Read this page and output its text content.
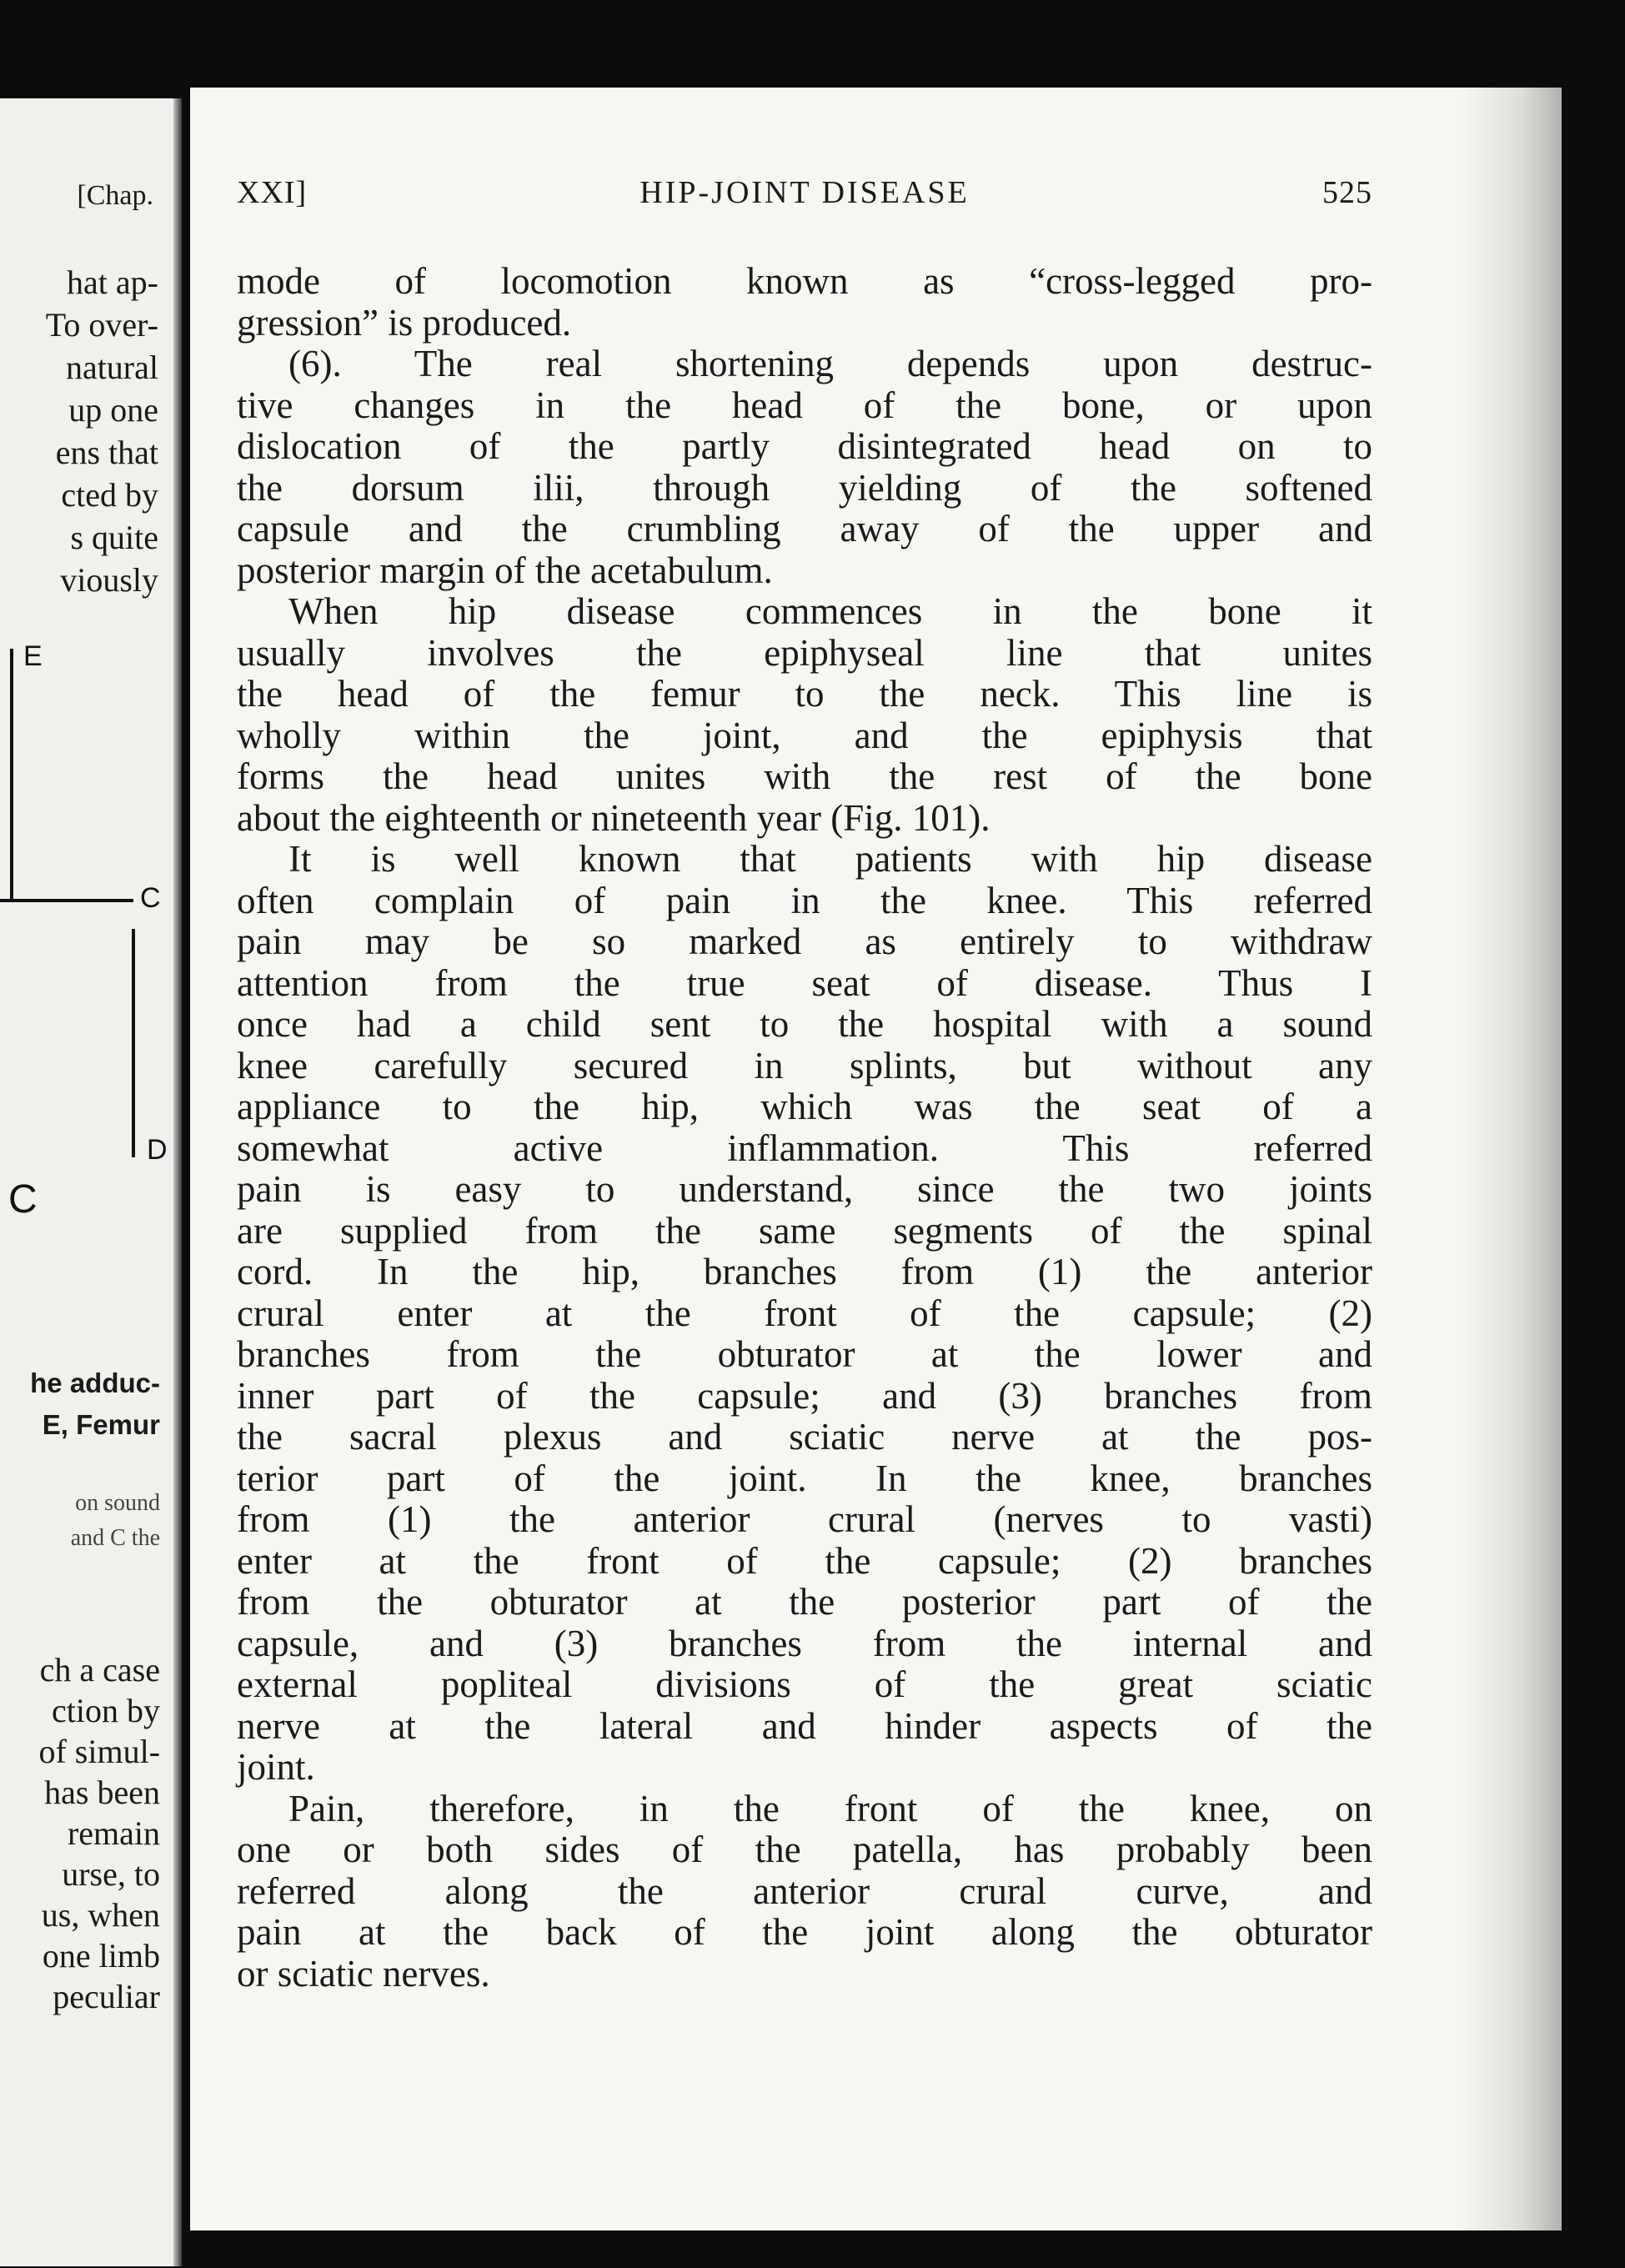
[Chap.
hat ap-
To over-
natural
up one
ens that
cted by
s quite
viously
E
C
D
C
he adduc-
E, Femur
on sound
and C the
ch a case
ction by
of simul-
has been
remain
urse, to
us, when
one limb
peculiar
XXI]	HIP-JOINT DISEASE	525
mode of locomotion known as “cross-legged pro-
gression” is produced.
(6). The real shortening depends upon destruc-
tive changes in the head of the bone, or upon
dislocation of the partly disintegrated head on to
the dorsum ilii, through yielding of the softened
capsule and the crumbling away of the upper and
posterior margin of the acetabulum.
When hip disease commences in the bone it
usually involves the epiphyseal line that unites
the head of the femur to the neck. This line is
wholly within the joint, and the epiphysis that
forms the head unites with the rest of the bone
about the eighteenth or nineteenth year (Fig. 101).
It is well known that patients with hip disease
often complain of pain in the knee. This referred
pain may be so marked as entirely to withdraw
attention from the true seat of disease. Thus I
once had a child sent to the hospital with a sound
knee carefully secured in splints, but without any
appliance to the hip, which was the seat of a
somewhat active inflammation. This referred
pain is easy to understand, since the two joints
are supplied from the same segments of the spinal
cord. In the hip, branches from (1) the anterior
crural enter at the front of the capsule; (2)
branches from the obturator at the lower and
inner part of the capsule; and (3) branches from
the sacral plexus and sciatic nerve at the pos-
terior part of the joint. In the knee, branches
from (1) the anterior crural (nerves to vasti)
enter at the front of the capsule; (2) branches
from the obturator at the posterior part of the
capsule, and (3) branches from the internal and
external popliteal divisions of the great sciatic
nerve at the lateral and hinder aspects of the
joint.
Pain, therefore, in the front of the knee, on
one or both sides of the patella, has probably been
referred along the anterior crural curve, and
pain at the back of the joint along the obturator
or sciatic nerves.
